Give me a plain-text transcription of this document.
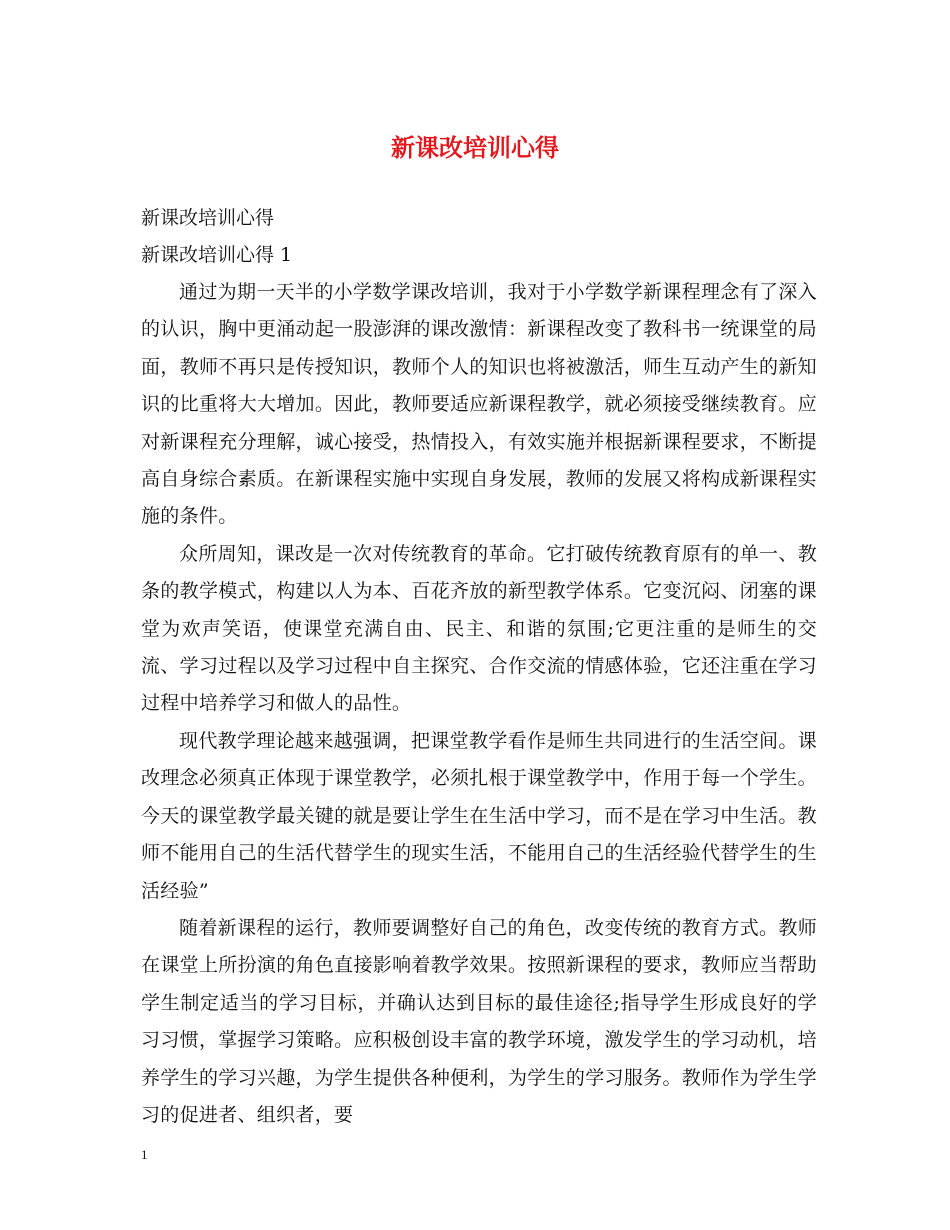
新课改培训心得

新课改培训心得

新课改培训心得 1

通过为期一天半的小学数学课改培训，我对于小学数学新课程理念有了深入的认识，胸中更涌动起一股澎湃的课改激情：新课程改变了教科书一统课堂的局面，教师不再只是传授知识，教师个人的知识也将被激活，师生互动产生的新知识的比重将大大增加。因此，教师要适应新课程教学，就必须接受继续教育。应对新课程充分理解，诚心接受，热情投入，有效实施并根据新课程要求，不断提高自身综合素质。在新课程实施中实现自身发展，教师的发展又将构成新课程实施的条件。

众所周知，课改是一次对传统教育的革命。它打破传统教育原有的单一、教条的教学模式，构建以人为本、百花齐放的新型教学体系。它变沉闷、闭塞的课堂为欢声笑语，使课堂充满自由、民主、和谐的氛围;它更注重的是师生的交流、学习过程以及学习过程中自主探究、合作交流的情感体验，它还注重在学习过程中培养学习和做人的品性。

现代教学理论越来越强调，把课堂教学看作是师生共同进行的生活空间。课改理念必须真正体现于课堂教学，必须扎根于课堂教学中，作用于每一个学生。今天的课堂教学最关键的就是要让学生在生活中学习，而不是在学习中生活。教师不能用自己的生活代替学生的现实生活，不能用自己的生活经验代替学生的生活经验”

随着新课程的运行，教师要调整好自己的角色，改变传统的教育方式。教师在课堂上所扮演的角色直接影响着教学效果。按照新课程的要求，教师应当帮助学生制定适当的学习目标，并确认达到目标的最佳途径;指导学生形成良好的学习习惯，掌握学习策略。应积极创设丰富的教学环境，激发学生的学习动机，培养学生的学习兴趣，为学生提供各种便利，为学生的学习服务。教师作为学生学习的促进者、组织者，要

1
